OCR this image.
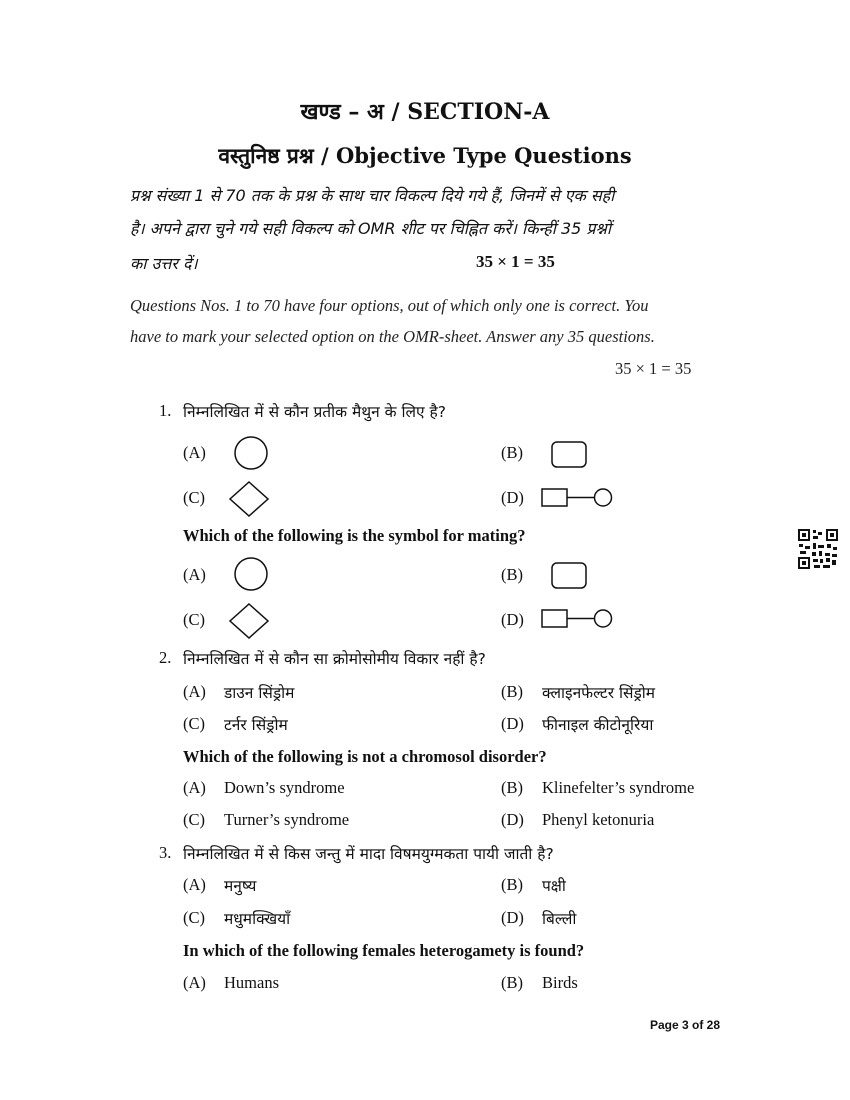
खण्ड – अ / SECTION-A
वस्तुनिष्ठ प्रश्न / Objective Type Questions
प्रश्न संख्या 1 से 70 तक के प्रश्न के साथ चार विकल्प दिये गये हैं, जिनमें से एक सही
है। अपने द्वारा चुने गये सही विकल्प को OMR शीट पर चिह्नित करें। किन्हीं 35 प्रश्नों
का उत्तर दें।	35 × 1 = 35
Questions Nos. 1 to 70 have four options, out of which only one is correct. You
have to mark your selected option on the OMR-sheet. Answer any 35 questions.
35 × 1 = 35
1. निम्नलिखित में से कौन प्रतीक मैथुन के लिए है?
(A)	(B)
(C)	(D)
Which of the following is the symbol for mating?
(A)	(B)
(C)	(D)
2. निम्नलिखित में से कौन सा क्रोमोसोमीय विकार नहीं है?
(A) डाउन सिंड्रोम	(B) क्लाइनफेल्टर सिंड्रोम
(C) टर्नर सिंड्रोम	(D) फीनाइल कीटोनूरिया
Which of the following is not a chromosol disorder?
(A) Down’s syndrome	(B) Klinefelter’s syndrome
(C) Turner’s syndrome	(D) Phenyl ketonuria
3. निम्नलिखित में से किस जन्तु में मादा विषमयुग्मकता पायी जाती है?
(A) मनुष्य	(B) पक्षी
(C) मधुमक्खियाँ	(D) बिल्ली
In which of the following females heterogamety is found?
(A) Humans	(B) Birds
Page 3 of 28
